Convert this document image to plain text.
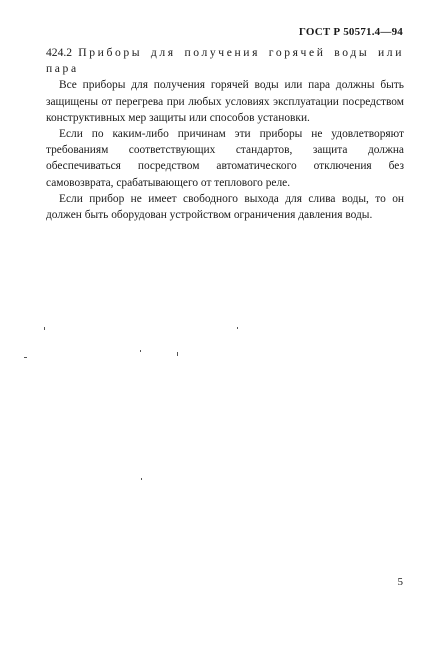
ГОСТ Р 50571.4—94

424.2 Приборы для получения горячей воды или пара

Все приборы для получения горячей воды или пара должны быть защищены от перегрева при любых условиях эксплуатации посредством конструктивных мер защиты или способов установки.

Если по каким-либо причинам эти приборы не удовлетворяют требованиям соответствующих стандартов, защита должна обеспечиваться посредством автоматического отключения без самовозврата, срабатывающего от теплового реле.

Если прибор не имеет свободного выхода для слива воды, то он должен быть оборудован устройством ограничения давления воды.

5
